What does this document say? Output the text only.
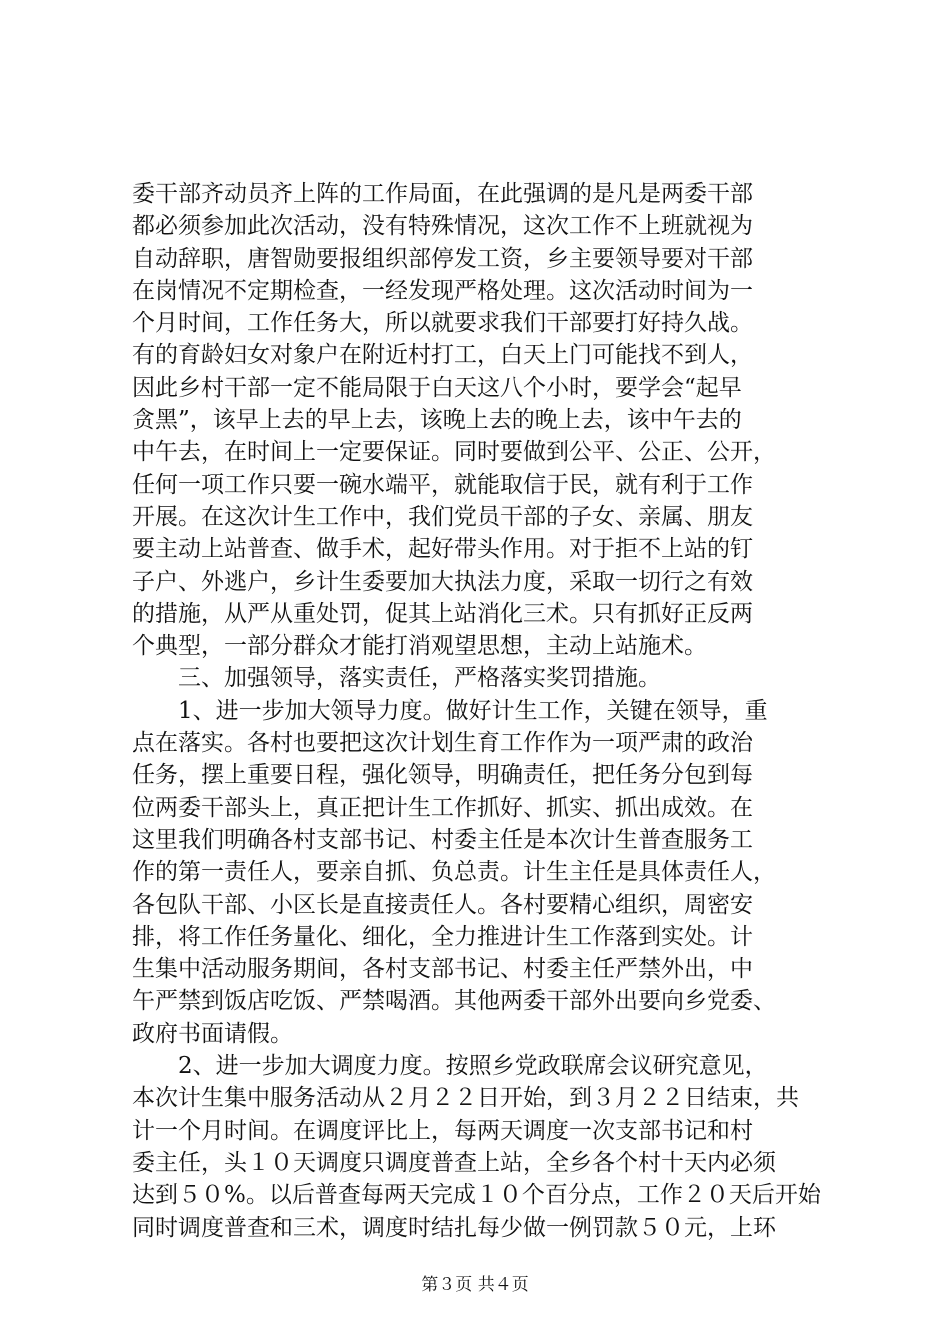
委干部齐动员齐上阵的工作局面，在此强调的是凡是两委干部
都必须参加此次活动，没有特殊情况，这次工作不上班就视为
自动辞职，唐智勋要报组织部停发工资，乡主要领导要对干部
在岗情况不定期检查，一经发现严格处理。这次活动时间为一
个月时间，工作任务大，所以就要求我们干部要打好持久战。
有的育龄妇女对象户在附近村打工，白天上门可能找不到人，
因此乡村干部一定不能局限于白天这八个小时，要学会“起早
贪黑”，该早上去的早上去，该晚上去的晚上去，该中午去的
中午去，在时间上一定要保证。同时要做到公平、公正、公开，
任何一项工作只要一碗水端平，就能取信于民，就有利于工作
开展。在这次计生工作中，我们党员干部的子女、亲属、朋友
要主动上站普查、做手术，起好带头作用。对于拒不上站的钉
子户、外逃户，乡计生委要加大执法力度，采取一切行之有效
的措施，从严从重处罚，促其上站消化三术。只有抓好正反两
个典型，一部分群众才能打消观望思想，主动上站施术。
三、加强领导，落实责任，严格落实奖罚措施。
1、进一步加大领导力度。做好计生工作，关键在领导，重
点在落实。各村也要把这次计划生育工作作为一项严肃的政治
任务，摆上重要日程，强化领导，明确责任，把任务分包到每
位两委干部头上，真正把计生工作抓好、抓实、抓出成效。在
这里我们明确各村支部书记、村委主任是本次计生普查服务工
作的第一责任人，要亲自抓、负总责。计生主任是具体责任人，
各包队干部、小区长是直接责任人。各村要精心组织，周密安
排，将工作任务量化、细化，全力推进计生工作落到实处。计
生集中活动服务期间，各村支部书记、村委主任严禁外出，中
午严禁到饭店吃饭、严禁喝酒。其他两委干部外出要向乡党委、
政府书面请假。
2、进一步加大调度力度。按照乡党政联席会议研究意见，
本次计生集中服务活动从２月２２日开始，到３月２２日结束，共
计一个月时间。在调度评比上，每两天调度一次支部书记和村
委主任，头１０天调度只调度普查上站，全乡各个村十天内必须
达到５０%。以后普查每两天完成１０个百分点，工作２０天后开始
同时调度普查和三术，调度时结扎每少做一例罚款５０元，上环
第３页 共４页
